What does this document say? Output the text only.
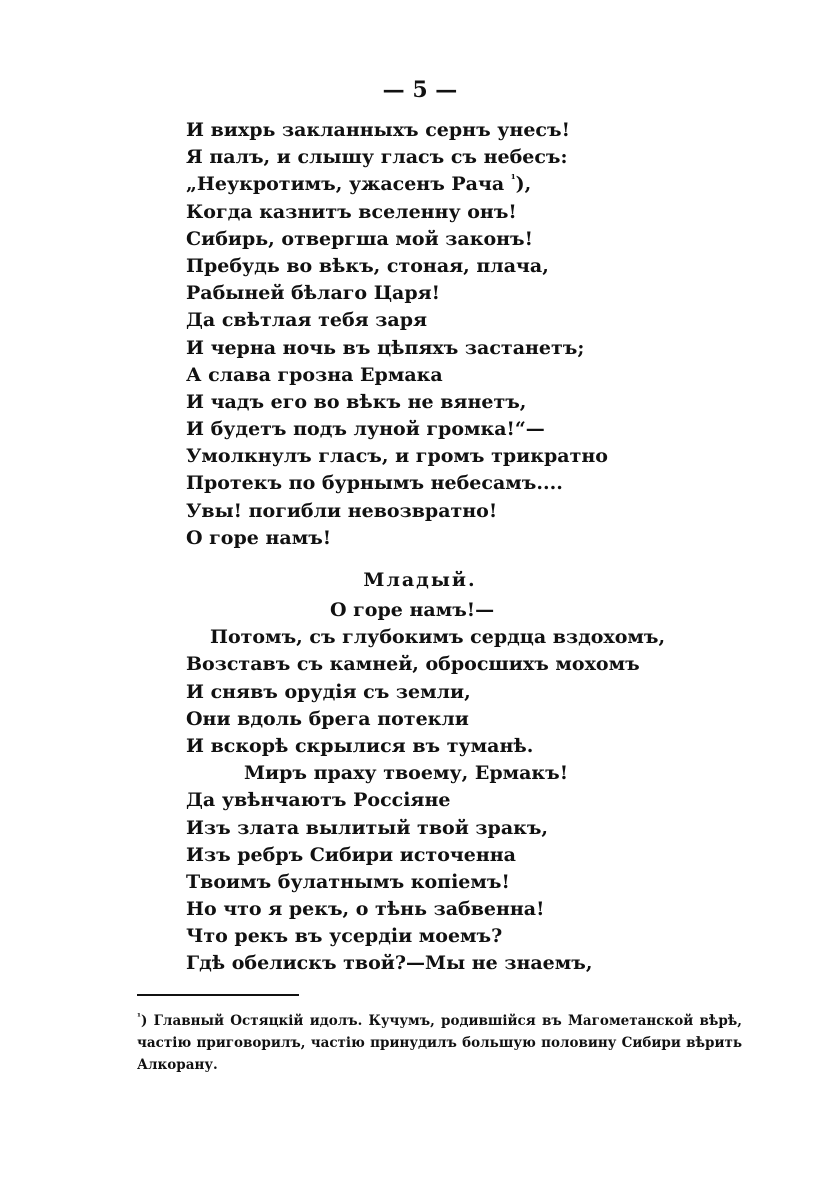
— 5 —
И вихрь закланныхъ сернъ унесъ!
Я палъ, и слышу гласъ съ небесъ:
„Неукротимъ, ужасенъ Рача $^{^1}$),
Когда казнитъ вселенну онъ!
Сибирь, отвергша мой законъ!
Пребудь во вѣкъ, стоная, плача,
Рабыней бѣлаго Царя!
Да свѣтлая тебя заря
И черна ночь въ цѣпяхъ застанетъ;
А слава грозна Ермака
И чадъ его во вѣкъ не вянетъ,
И будетъ подъ луной громка!“—
Умолкнулъ гласъ, и громъ трикратно
Протекъ по бурнымъ небесамъ....
Увы! погибли невозвратно!
О горе намъ!
Младый.
О горе намъ!—
Потомъ, съ глубокимъ сердца вздохомъ,
Возставъ съ камней, обросшихъ мохомъ
И снявъ орудія съ земли,
Они вдоль брега потекли
И вскорѣ скрылися въ туманѣ.
Миръ праху твоему, Ермакъ!
Да увѣнчаютъ Россіяне
Изъ злата вылитый твой зракъ,
Изъ ребръ Сибири источенна
Твоимъ булатнымъ копіемъ!
Но что я рекъ, о тѣнь забвенна!
Что рекъ въ усердіи моемъ?
Гдѣ обелискъ твой?—Мы не знаемъ,
$^{^1}$) Главный Остяцкій идолъ. Кучумъ, родившійся въ Магометанской вѣрѣ, частію приговорилъ, частію принудилъ большую половину Сибири вѣрить Алкорану.
